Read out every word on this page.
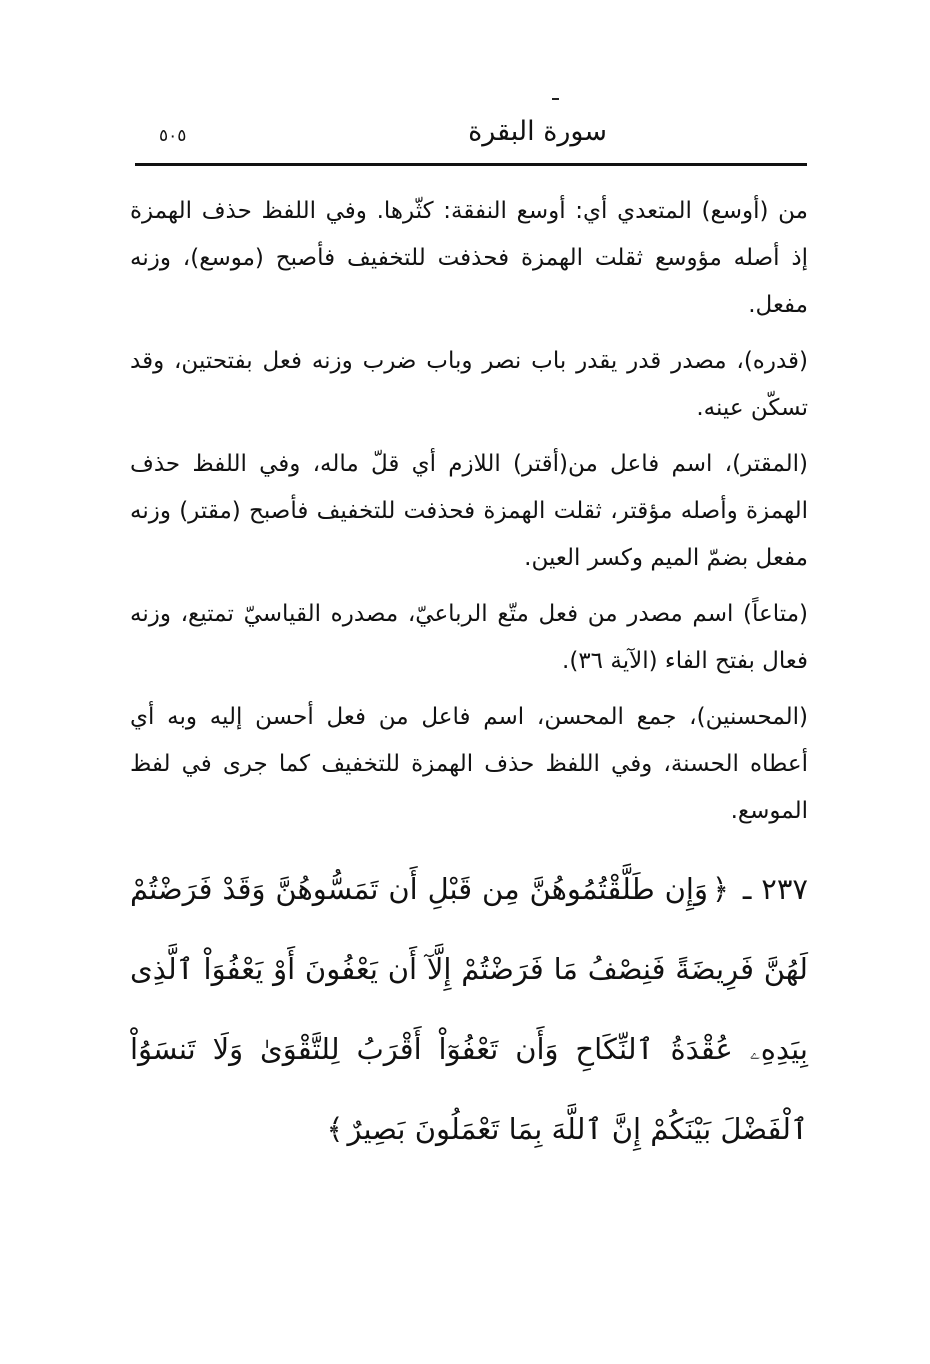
سورة البقرة
٥٠٥

من (أوسع) المتعدي أي: أوسع النفقة: كثّرها. وفي اللفظ حذف الهمزة إذ أصله مؤوسع ثقلت الهمزة فحذفت للتخفيف فأصبح (موسع)، وزنه مفعل.

(قدره)، مصدر قدر يقدر باب نصر وباب ضرب وزنه فعل بفتحتين، وقد تسكّن عينه.

(المقتر)، اسم فاعل من(أقتر) اللازم أي قلّ ماله، وفي اللفظ حذف الهمزة وأصله مؤقتر، ثقلت الهمزة فحذفت للتخفيف فأصبح (مقتر) وزنه مفعل بضمّ الميم وكسر العين.

(متاعاً) اسم مصدر من فعل متّع الرباعيّ، مصدره القياسيّ تمتيع، وزنه فعال بفتح الفاء (الآية ٣٦).

(المحسنين)، جمع المحسن، اسم فاعل من فعل أحسن إليه وبه أي أعطاه الحسنة، وفي اللفظ حذف الهمزة للتخفيف كما جرى في لفظ الموسع.

٢٣٧ ـ ﴿وَإِن طَلَّقْتُمُوهُنَّ مِن قَبْلِ أَن تَمَسُّوهُنَّ وَقَدْ فَرَضْتُمْ لَهُنَّ فَرِيضَةً فَنِصْفُ مَا فَرَضْتُمْ إِلَّآ أَن يَعْفُونَ أَوْ يَعْفُوَاْ ٱلَّذِى بِيَدِهِۦ عُقْدَةُ ٱلنِّكَاحِ وَأَن تَعْفُوٓاْ أَقْرَبُ لِلتَّقْوَىٰ وَلَا تَنسَوُاْ ٱلْفَضْلَ بَيْنَكُمْ إِنَّ ٱللَّهَ بِمَا تَعْمَلُونَ بَصِيرٌ﴾
